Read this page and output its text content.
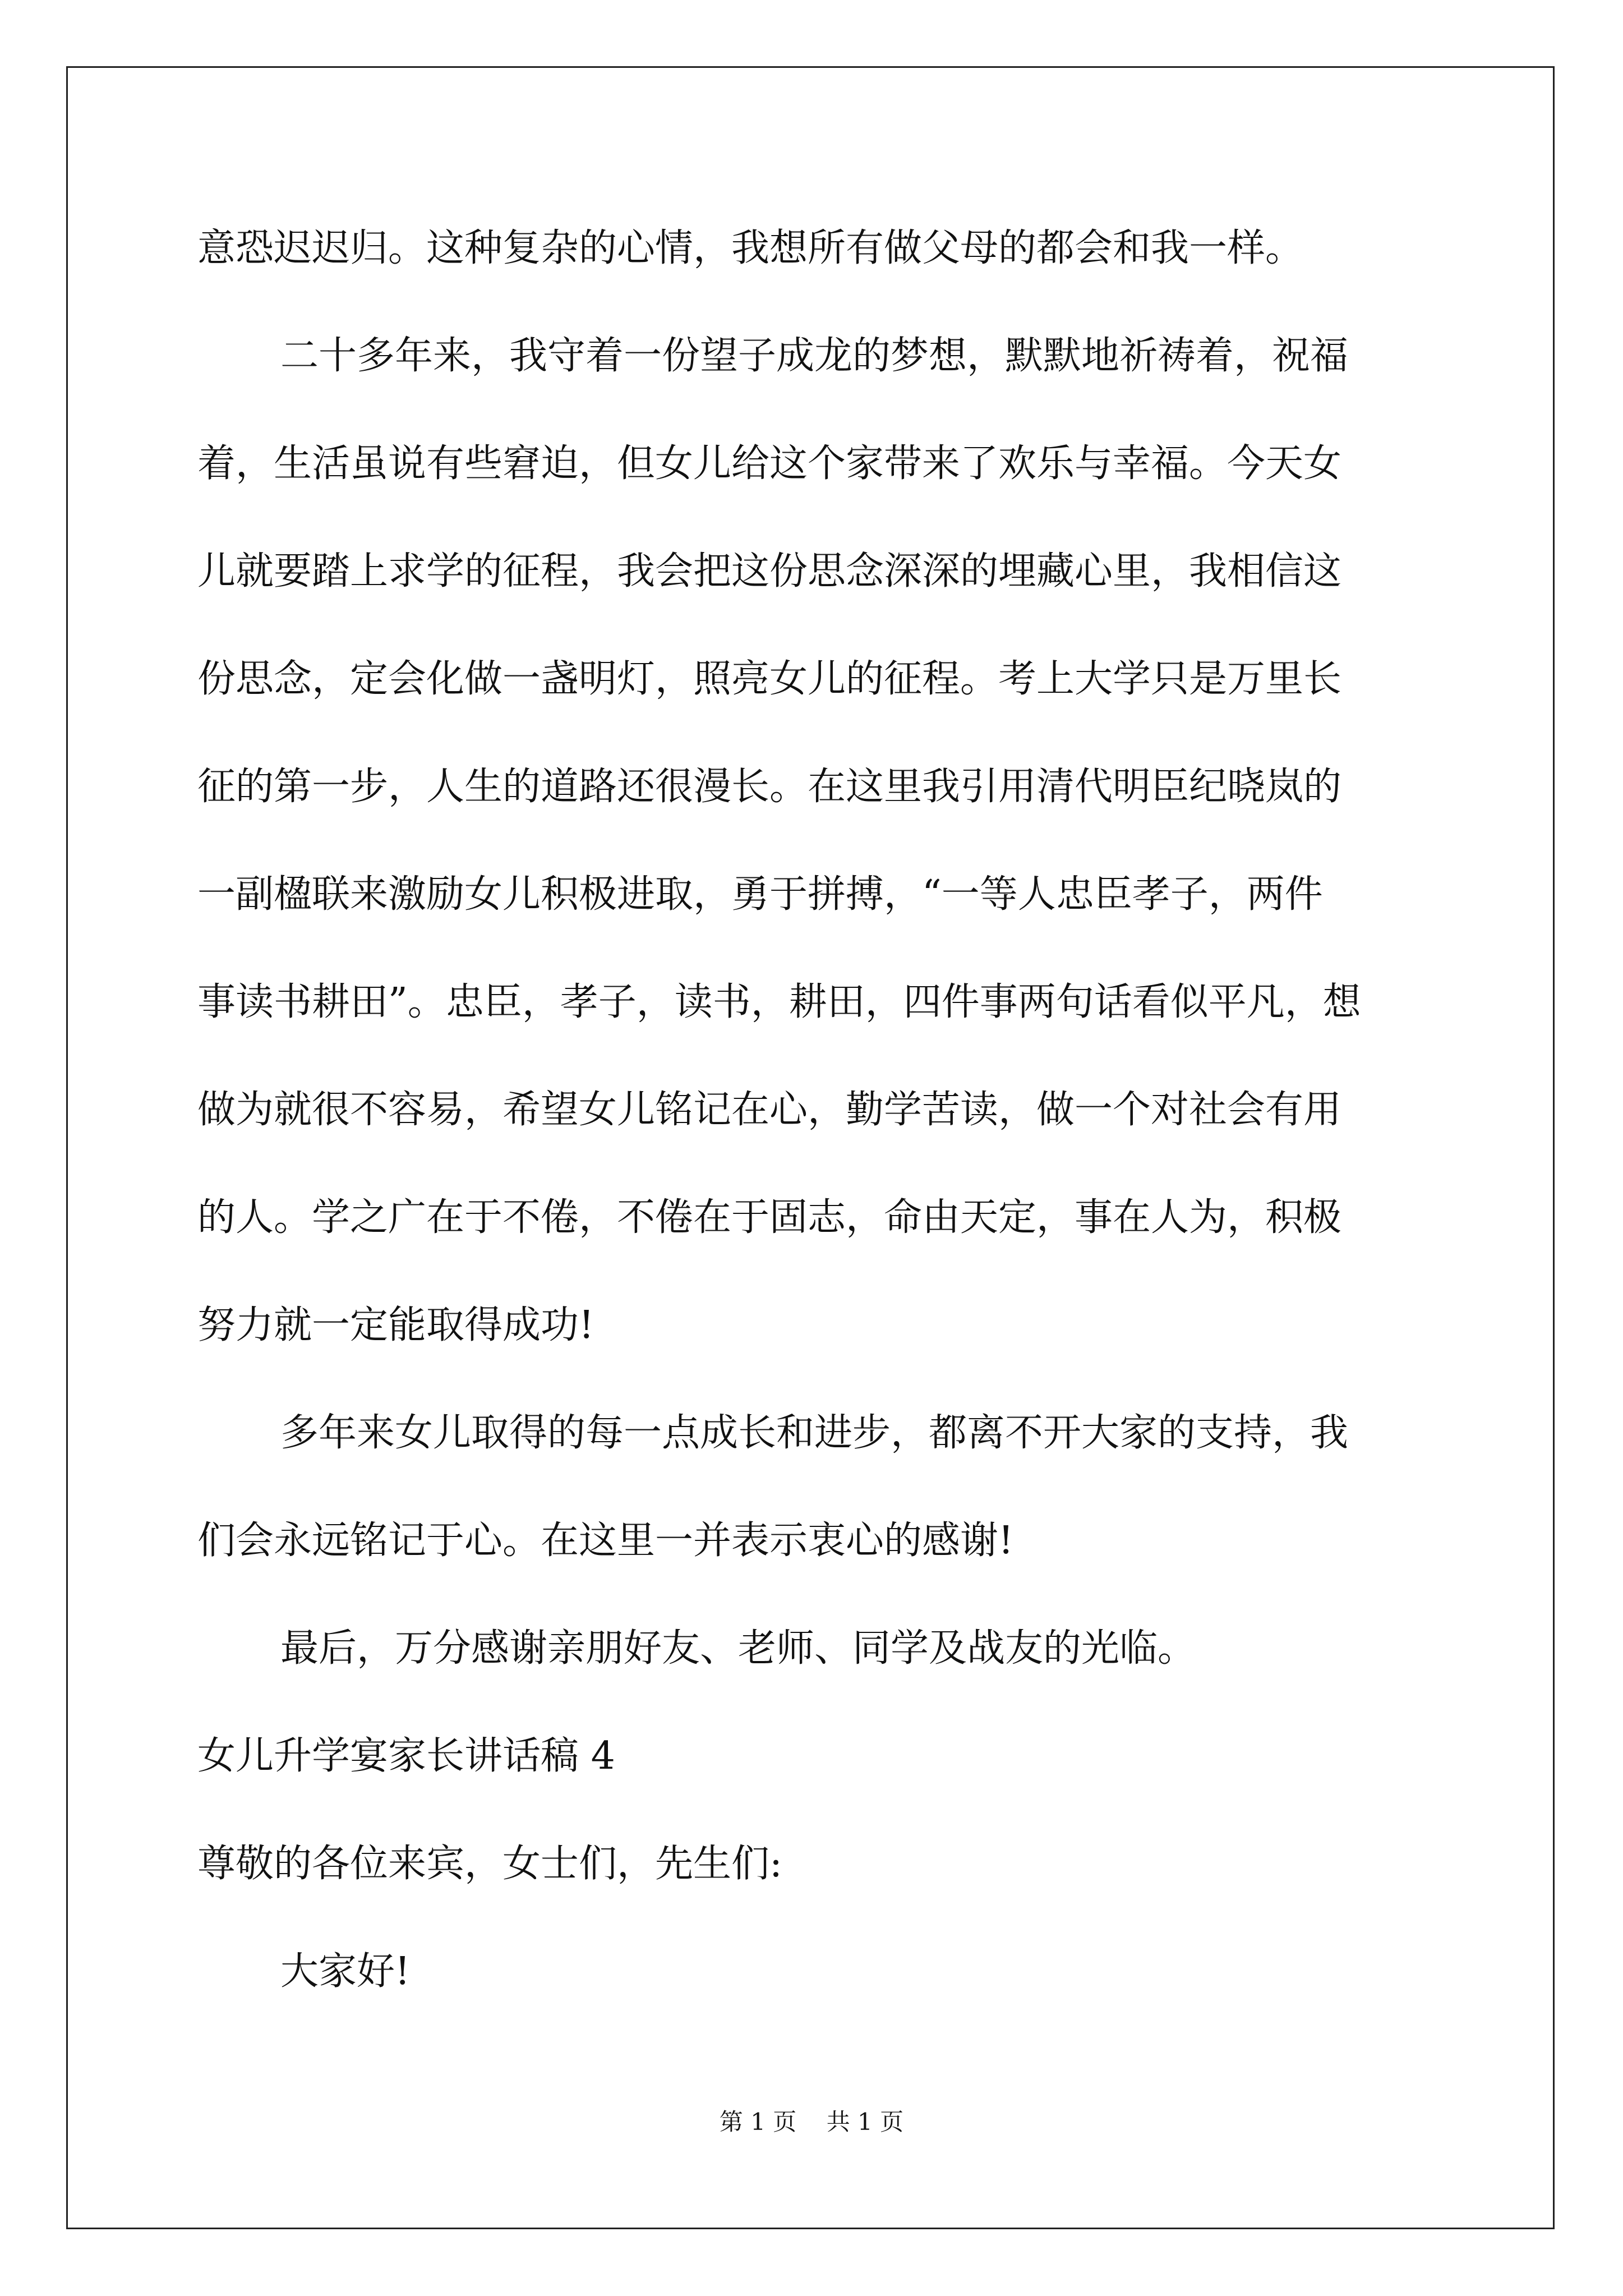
意恐迟迟归。这种复杂的心情，我想所有做父母的都会和我一样。

二十多年来，我守着一份望子成龙的梦想，默默地祈祷着，祝福

着，生活虽说有些窘迫，但女儿给这个家带来了欢乐与幸福。今天女

儿就要踏上求学的征程，我会把这份思念深深的埋藏心里，我相信这

份思念，定会化做一盏明灯，照亮女儿的征程。考上大学只是万里长

征的第一步，人生的道路还很漫长。在这里我引用清代明臣纪晓岚的

一副楹联来激励女儿积极进取，勇于拼搏，“一等人忠臣孝子，两件

事读书耕田”。忠臣，孝子，读书，耕田，四件事两句话看似平凡，想

做为就很不容易，希望女儿铭记在心，勤学苦读，做一个对社会有用

的人。学之广在于不倦，不倦在于固志，命由天定，事在人为，积极

努力就一定能取得成功!

多年来女儿取得的每一点成长和进步，都离不开大家的支持，我

们会永远铭记于心。在这里一并表示衷心的感谢!

最后，万分感谢亲朋好友、老师、同学及战友的光临。

女儿升学宴家长讲话稿 4

尊敬的各位来宾，女士们，先生们:

大家好!

第 1 页    共 1 页
